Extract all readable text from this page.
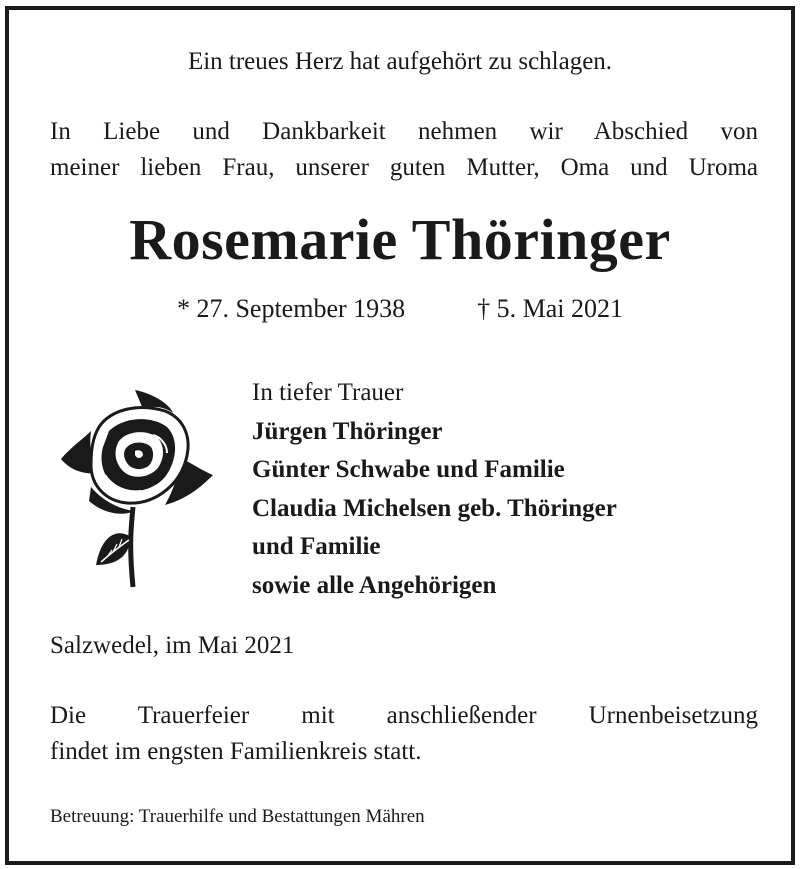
Ein treues Herz hat aufgehört zu schlagen.
In Liebe und Dankbarkeit nehmen wir Abschied von
meiner lieben Frau, unserer guten Mutter, Oma und Uroma
Rosemarie Thöringer
* 27. September 1938	† 5. Mai 2021
In tiefer Trauer
Jürgen Thöringer
Günter Schwabe und Familie
Claudia Michelsen geb. Thöringer
und Familie
sowie alle Angehörigen
Salzwedel, im Mai 2021
Die Trauerfeier mit anschließender Urnenbeisetzung
findet im engsten Familienkreis statt.
Betreuung: Trauerhilfe und Bestattungen Mähren
